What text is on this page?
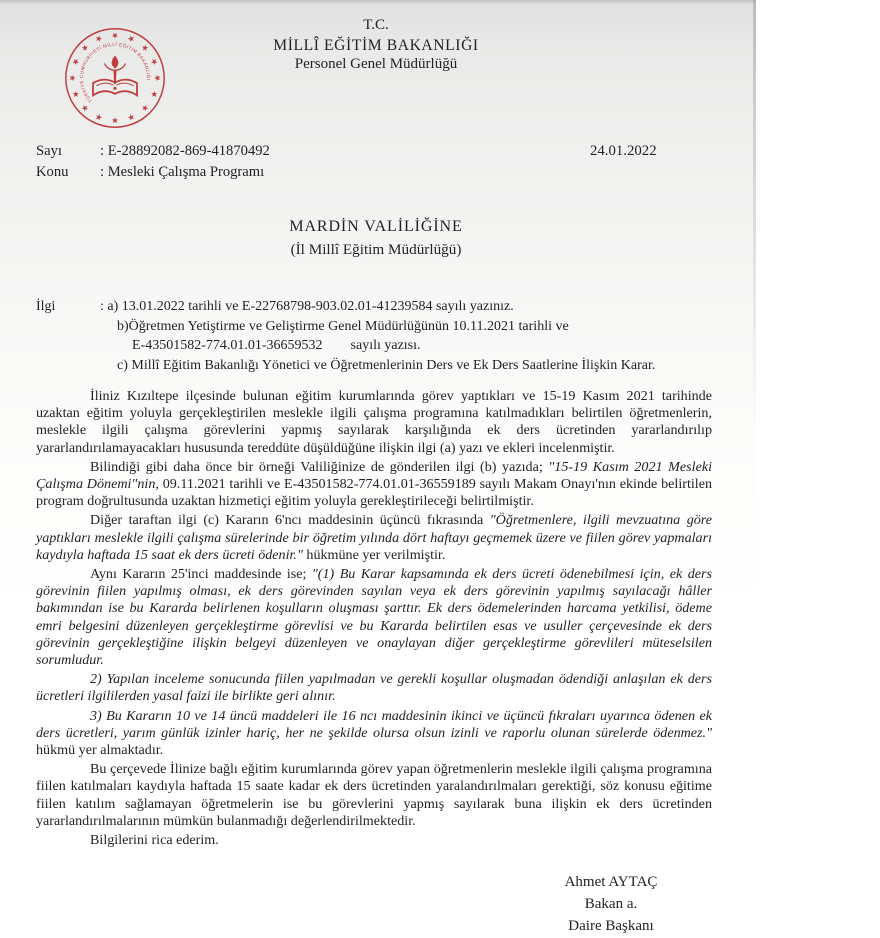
TÜRKİYE CUMHURİYETİ MİLLÎ EĞİTİM BAKANLIĞI
T.C.
MİLLÎ EĞİTİM BAKANLIĞI
Personel Genel Müdürlüğü
Sayı	: E-28892082-869-41870492
Konu	: Mesleki Çalışma Programı
24.01.2022
MARDİN VALİLİĞİNE
(İl Millî Eğitim Müdürlüğü)
İlgi	: a) 13.01.2022 tarihli ve E-22768798-903.02.01-41239584 sayılı yazınız.
b)Öğretmen Yetiştirme ve Geliştirme Genel Müdürlüğünün 10.11.2021 tarihli ve
E-43501582-774.01.01-36659532        sayılı yazısı.
c) Millî Eğitim Bakanlığı Yönetici ve Öğretmenlerinin Ders ve Ek Ders Saatlerine İlişkin Karar.

İliniz Kızıltepe ilçesinde bulunan eğitim kurumlarında görev yaptıkları ve 15-19 Kasım 2021 tarihinde uzaktan eğitim yoluyla gerçekleştirilen meslekle ilgili çalışma programına katılmadıkları belirtilen öğretmenlerin, meslekle ilgili çalışma görevlerini yapmış sayılarak karşılığında ek ders ücretinden yararlandırılıp yararlandırılamayacakları hususunda tereddüte düşüldüğüne ilişkin ilgi (a) yazı ve ekleri incelenmiştir.

Bilindiği gibi daha önce bir örneği Valiliğinize de gönderilen ilgi (b) yazıda; "15-19 Kasım 2021 Mesleki Çalışma Dönemi"nin, 09.11.2021 tarihli ve E-43501582-774.01.01-36559189 sayılı Makam Onayı'nın ekinde belirtilen program doğrultusunda uzaktan hizmetiçi eğitim yoluyla gerekleştirileceği belirtilmiştir.

Diğer taraftan ilgi (c) Kararın 6'ncı maddesinin üçüncü fıkrasında "Öğretmenlere, ilgili mevzuatına göre yaptıkları meslekle ilgili çalışma sürelerinde bir öğretim yılında dört haftayı geçmemek üzere ve fiilen görev yapmaları kaydıyla haftada 15 saat ek ders ücreti ödenir." hükmüne yer verilmiştir.

Aynı Kararın 25'inci maddesinde ise; "(1) Bu Karar kapsamında ek ders ücreti ödenebilmesi için, ek ders görevinin fiilen yapılmış olması, ek ders görevinden sayılan veya ek ders görevinin yapılmış sayılacağı hâller bakımından ise bu Kararda belirlenen koşulların oluşması şarttır. Ek ders ödemelerinden harcama yetkilisi, ödeme emri belgesini düzenleyen gerçekleştirme görevlisi ve bu Kararda belirtilen esas ve usuller çerçevesinde ek ders görevinin gerçekleştiğine ilişkin belgeyi düzenleyen ve onaylayan diğer gerçekleştirme görevlileri müteselsilen sorumludur.

2) Yapılan inceleme sonucunda fiilen yapılmadan ve gerekli koşullar oluşmadan ödendiği anlaşılan ek ders ücretleri ilgililerden yasal faizi ile birlikte geri alınır.

3) Bu Kararın 10 ve 14 üncü maddeleri ile 16 ncı maddesinin ikinci ve üçüncü fıkraları uyarınca ödenen ek ders ücretleri, yarım günlük izinler hariç, her ne şekilde olursa olsun izinli ve raporlu olunan sürelerde ödenmez." hükmü yer almaktadır.

Bu çerçevede İlinize bağlı eğitim kurumlarında görev yapan öğretmenlerin meslekle ilgili çalışma programına fiilen katılmaları kaydıyla haftada 15 saate kadar ek ders ücretinden yaralandırılmaları gerektiği, söz konusu eğitime fiilen katılım sağlamayan öğretmelerin ise bu görevlerini yapmış sayılarak buna ilişkin ek ders ücretinden yararlandırılmalarının mümkün bulanmadığı değerlendirilmektedir.

Bilgilerini rica ederim.

Ahmet AYTAÇ
Bakan a.
Daire Başkanı
